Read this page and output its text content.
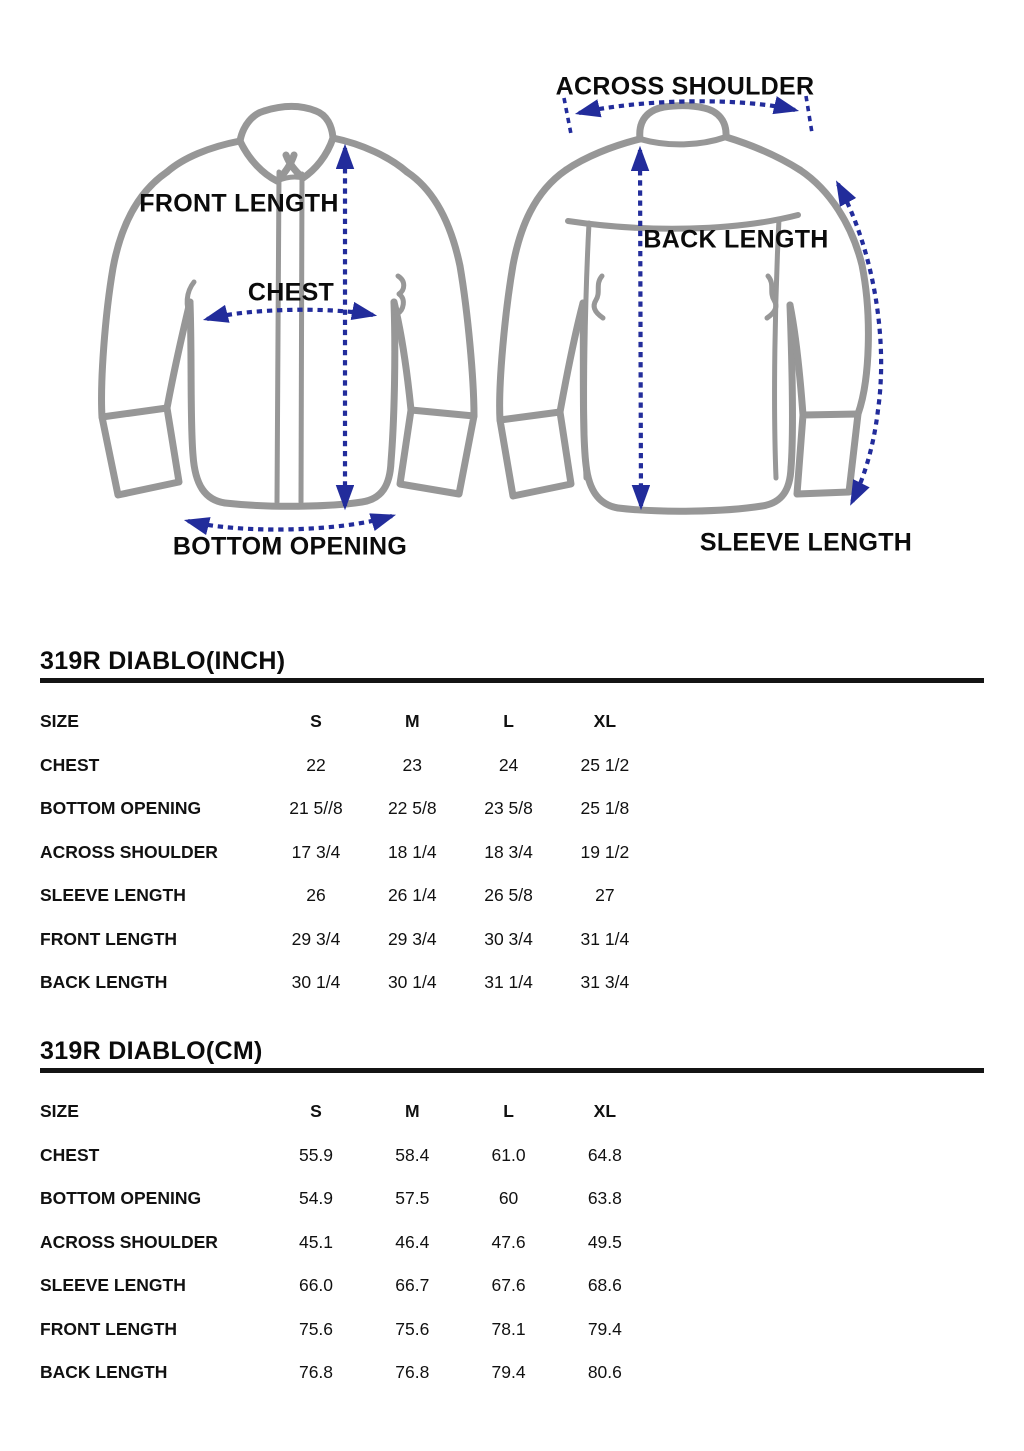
FRONT LENGTH
CHEST
BOTTOM OPENING
ACROSS SHOULDER
BACK LENGTH
SLEEVE LENGTH
319R DIABLO(INCH)
SIZE	S	M	L	XL
CHEST	22	23	24	25 1/2
BOTTOM OPENING	21 5//8	22 5/8	23 5/8	25 1/8
ACROSS SHOULDER	17 3/4	18 1/4	18 3/4	19 1/2
SLEEVE LENGTH	26	26 1/4	26 5/8	27
FRONT LENGTH	29 3/4	29 3/4	30 3/4	31 1/4
BACK LENGTH	30 1/4	30 1/4	31 1/4	31 3/4
319R DIABLO(CM)
SIZE	S	M	L	XL
CHEST	55.9	58.4	61.0	64.8
BOTTOM OPENING	54.9	57.5	60	63.8
ACROSS SHOULDER	45.1	46.4	47.6	49.5
SLEEVE LENGTH	66.0	66.7	67.6	68.6
FRONT LENGTH	75.6	75.6	78.1	79.4
BACK LENGTH	76.8	76.8	79.4	80.6
